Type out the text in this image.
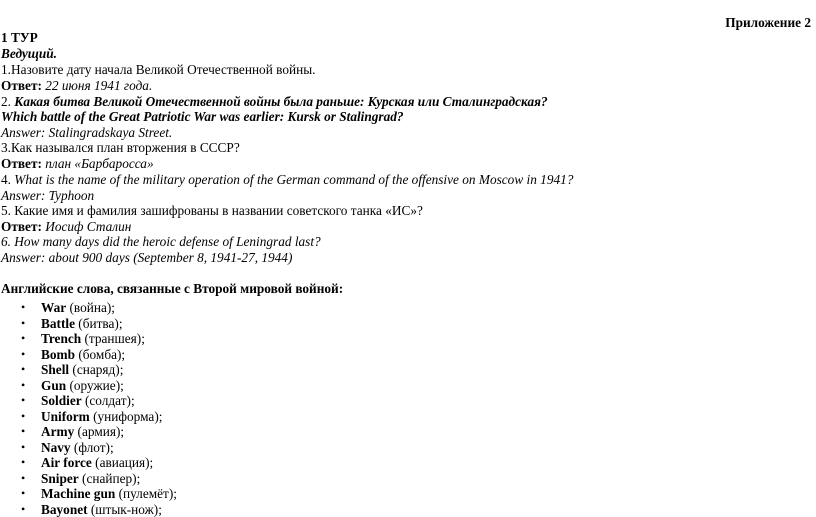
Приложение 2
1 ТУР
Ведущий.
1.Назовите дату начала Великой Отечественной войны.
Ответ: 22 июня 1941 года.
2. Какая битва Великой Отечественной войны была раньше: Курская или Сталинградская?
Which battle of the Great Patriotic War was earlier: Kursk or Stalingrad?
Answer: Stalingradskaya Street.
3.Как назывался план вторжения в СССР?
Ответ: план «Барбаросса»
4. What is the name of the military operation of the German command of the offensive on Moscow in 1941?
Answer: Typhoon
5. Какие имя и фамилия зашифрованы в названии советского танка «ИС»?
Ответ: Иосиф Сталин
6. How many days did the heroic defense of Leningrad last?
Answer: about 900 days (September 8, 1941-27, 1944)
Английские слова, связанные с Второй мировой войной:
• War (война);
• Battle (битва);
• Trench (траншея);
• Bomb (бомба);
• Shell (снаряд);
• Gun (оружие);
• Soldier (солдат);
• Uniform (униформа);
• Army (армия);
• Navy (флот);
• Air force (авиация);
• Sniper (снайпер);
• Machine gun (пулемёт);
• Bayonet (штык-нож);
